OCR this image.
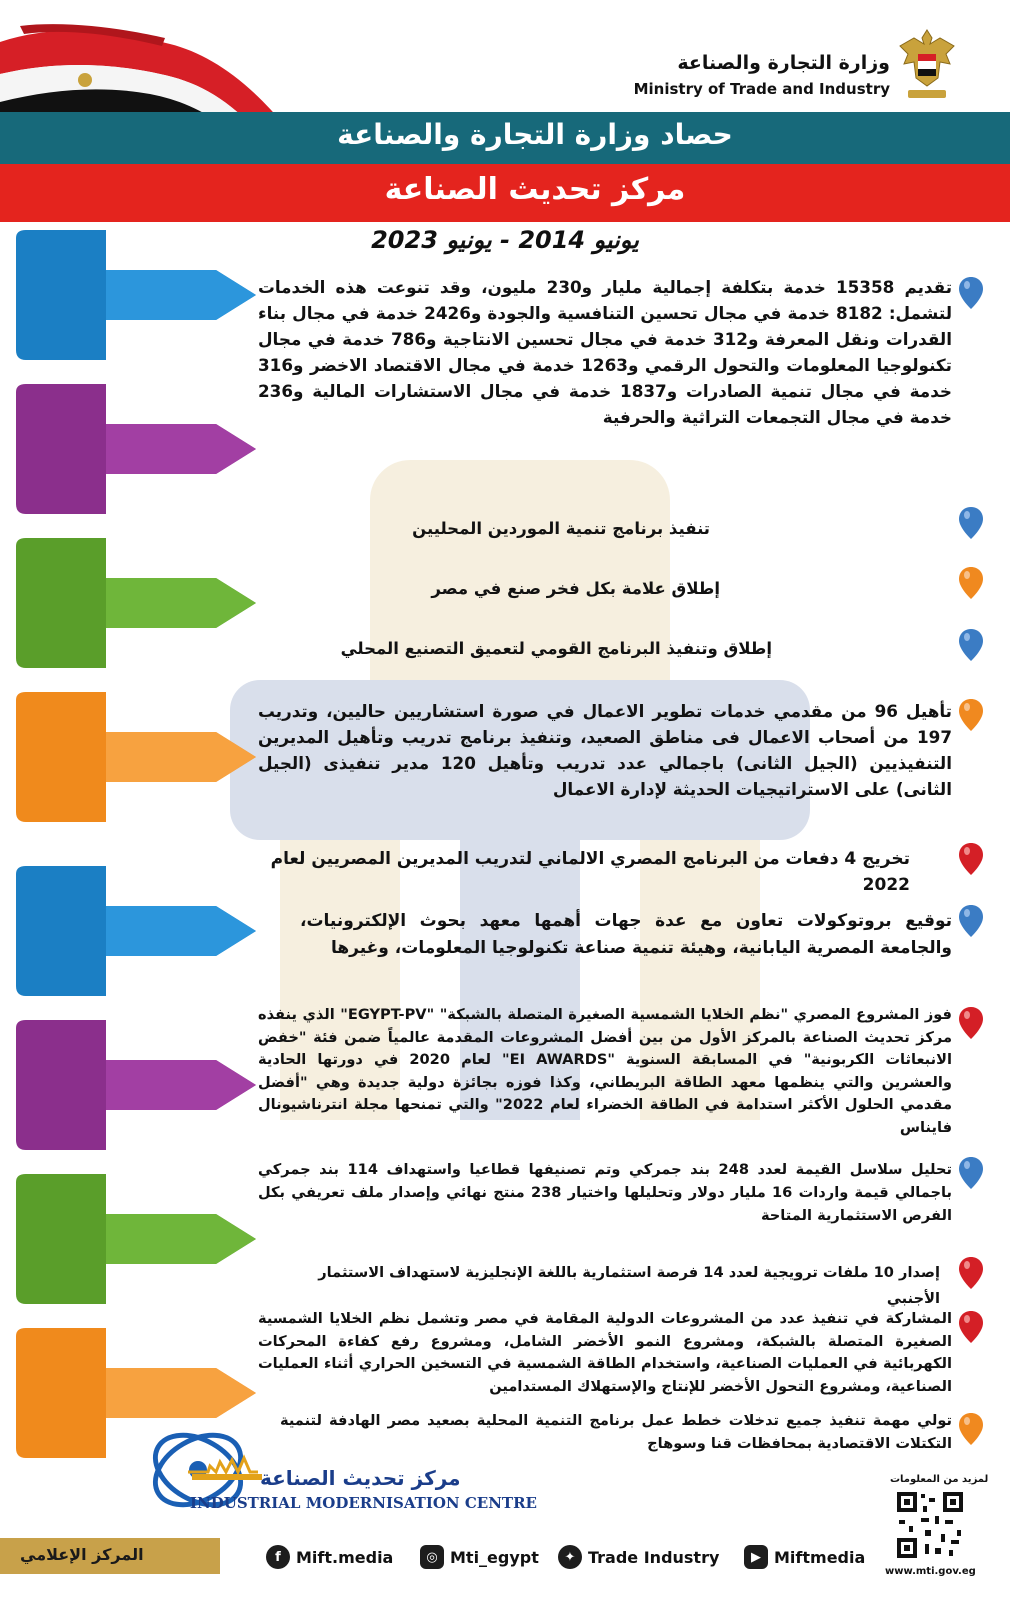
وزارة التجارة والصناعة
Ministry of Trade and Industry
حصاد وزارة التجارة والصناعة
مركز تحديث الصناعة
يونيو 2014 - يونيو 2023
تقديم 15358 خدمة بتكلفة إجمالية مليار و230 مليون، وقد تنوعت هذه الخدمات لتشمل: 8182 خدمة في مجال تحسين التنافسية والجودة و2426 خدمة في مجال بناء القدرات ونقل المعرفة و312 خدمة في مجال تحسين الانتاجية و786 خدمة في مجال تكنولوجيا المعلومات والتحول الرقمي و1263 خدمة في مجال الاقتصاد الاخضر و316 خدمة في مجال تنمية الصادرات و1837 خدمة في مجال الاستشارات المالية و236 خدمة في مجال التجمعات التراثية والحرفية
تنفيذ برنامج تنمية الموردين المحليين
إطلاق علامة بكل فخر صنع في مصر
إطلاق وتنفيذ البرنامج القومي لتعميق التصنيع المحلي
تأهيل 96 من مقدمي خدمات تطوير الاعمال في صورة استشاريين حاليين، وتدريب 197 من أصحاب الاعمال فى مناطق الصعيد، وتنفيذ برنامج تدريب وتأهيل المديرين التنفيذيين (الجيل الثانى) باجمالي عدد تدريب وتأهيل 120 مدير تنفيذى (الجيل الثانى) على الاستراتيجيات الحديثة لإدارة الاعمال
تخريج 4 دفعات من البرنامج المصري الالماني لتدريب المديرين المصريين لعام 2022
توقيع بروتوكولات تعاون مع عدة جهات أهمها معهد بحوث الإلكترونيات، والجامعة المصرية اليابانية، وهيئة تنمية صناعة تكنولوجيا المعلومات، وغيرها
فوز المشروع المصري "نظم الخلايا الشمسية الصغيرة المتصلة بالشبكة" "EGYPT-PV" الذي ينفذه مركز تحديث الصناعة بالمركز الأول من بين أفضل المشروعات المقدمة عالمياً ضمن فئة "خفض الانبعاثات الكربونية" في المسابقة السنوية "EI AWARDS" لعام 2020 في دورتها الحادية والعشرين والتي ينظمها معهد الطاقة البريطاني، وكذا فوزه بجائزة دولية جديدة وهي "أفضل مقدمي الحلول الأكثر استدامة في الطاقة الخضراء لعام 2022" والتي تمنحها مجلة انترناشيونال فايناس
تحليل سلاسل القيمة لعدد 248 بند جمركي وتم تصنيفها قطاعيا واستهداف 114 بند جمركي باجمالي قيمة واردات 16 مليار دولار وتحليلها واختيار 238 منتج نهائي وإصدار ملف تعريفي بكل الفرص الاستثمارية المتاحة
إصدار 10 ملفات ترويجية لعدد 14 فرصة استثمارية باللغة الإنجليزية لاستهداف الاستثمار الأجنبي
المشاركة في تنفيذ عدد من المشروعات الدولية المقامة في مصر وتشمل نظم الخلايا الشمسية الصغيرة المتصلة بالشبكة، ومشروع النمو الأخضر الشامل، ومشروع رفع كفاءة المحركات الكهربائية في العمليات الصناعية، واستخدام الطاقة الشمسية في التسخين الحراري أثناء العمليات الصناعية، ومشروع التحول الأخضر للإنتاج والإستهلاك المستدامين
تولي مهمة تنفيذ جميع تدخلات خطط عمل برنامج التنمية المحلية بصعيد مصر الهادفة لتنمية التكتلات الاقتصادية بمحافظات قنا وسوهاج
مركز تحديث الصناعة
INDUSTRIAL MODERNISATION CENTRE
لمزيد من المعلومات
www.mti.gov.eg
المركز الإعلامي	f Mift.media	◎ Mti_egypt	✦ Trade Industry	▶ Miftmedia
